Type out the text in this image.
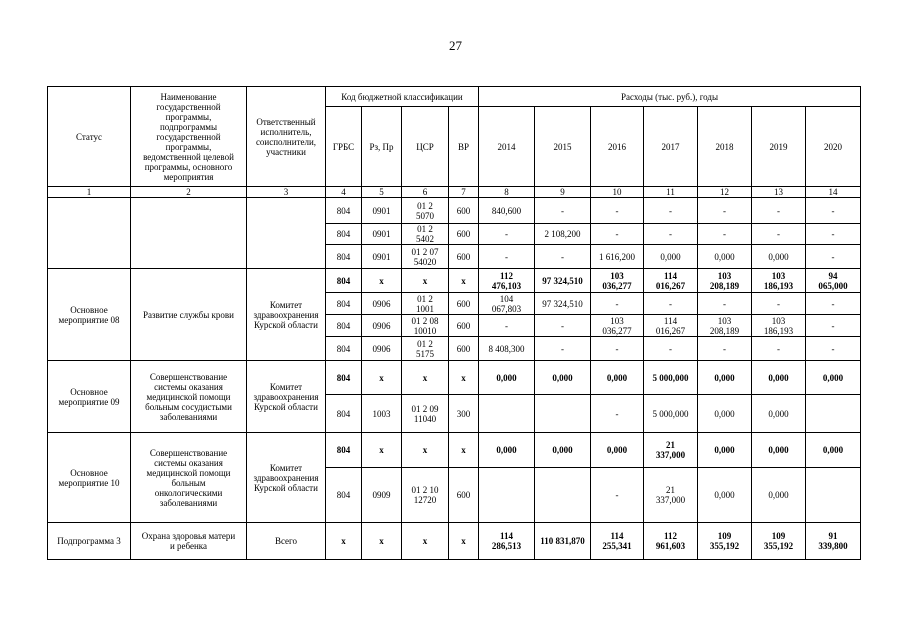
27
Статус	Наименование государственной программы, подпрограммы государственной программы, ведомственной целевой программы, основного мероприятия	Ответственный исполнитель, соисполнители, участники	Код бюджетной классификации				Расходы (тыс. руб.), годы						
			ГРБС	Рз, Пр	ЦСР	ВР	2014	2015	2016	2017	2018	2019	2020
1	2	3	4	5	6	7	8	9	10	11	12	13	14
			804	0901	01 2 5070	600	840,600	-	-	-	-	-	-
			804	0901	01 2 5402	600	-	2 108,200	-	-	-	-	-
			804	0901	01 2 07 54020	600	-	-	1 616,200	0,000	0,000	0,000	-
Основное мероприятие 08	Развитие службы крови	Комитет здравоохранения Курской области	804	x	x	x	112 476,103	97 324,510	103 036,277	114 016,267	103 208,189	103 186,193	94 065,000
			804	0906	01 2 1001	600	104 067,803	97 324,510	-	-	-	-	-
			804	0906	01 2 08 10010	600	-	-	103 036,277	114 016,267	103 208,189	103 186,193	-
			804	0906	01 2 5175	600	8 408,300	-	-	-	-	-	-
Основное мероприятие 09	Совершенствование системы оказания медицинской помощи больным сосудистыми заболеваниями	Комитет здравоохранения Курской области	804	x	x	x	0,000	0,000	0,000	5 000,000	0,000	0,000	0,000
			804	1003	01 2 09 11040	300			-	5 000,000	0,000	0,000	
Основное мероприятие 10	Совершенствование системы оказания медицинской помощи больным онкологическими заболеваниями	Комитет здравоохранения Курской области	804	x	x	x	0,000	0,000	0,000	21 337,000	0,000	0,000	0,000
			804	0909	01 2 10 12720	600			-	21 337,000	0,000	0,000	
Подпрограмма 3	Охрана здоровья матери и ребенка	Всего	x	x	x	x	114 286,513	110 831,870	114 255,341	112 961,603	109 355,192	109 355,192	91 339,800
